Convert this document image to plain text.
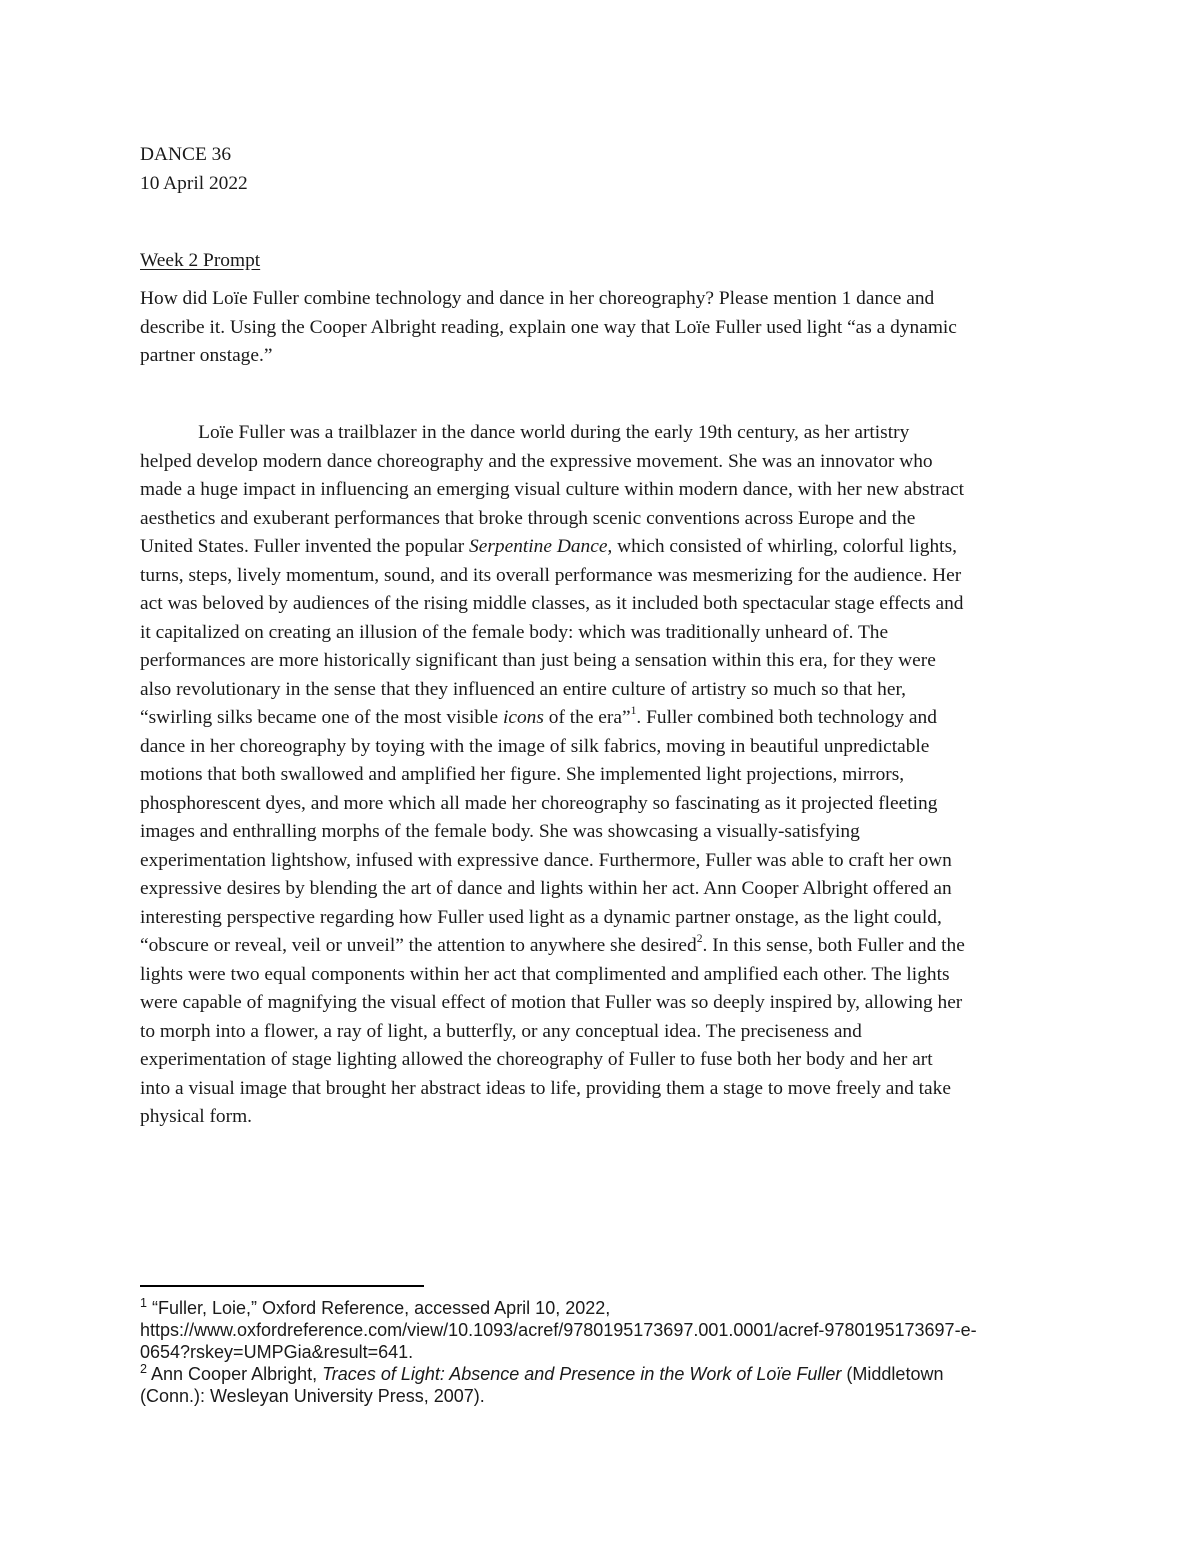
DANCE 36
10 April 2022
Week 2 Prompt
How did Loïe Fuller combine technology and dance in her choreography? Please mention 1 dance and
describe it. Using the Cooper Albright reading, explain one way that Loïe Fuller used light “as a dynamic
partner onstage.”
Loïe Fuller was a trailblazer in the dance world during the early 19th century, as her artistry
helped develop modern dance choreography and the expressive movement. She was an innovator who
made a huge impact in influencing an emerging visual culture within modern dance, with her new abstract
aesthetics and exuberant performances that broke through scenic conventions across Europe and the
United States. Fuller invented the popular Serpentine Dance, which consisted of whirling, colorful lights,
turns, steps, lively momentum, sound, and its overall performance was mesmerizing for the audience. Her
act was beloved by audiences of the rising middle classes, as it included both spectacular stage effects and
it capitalized on creating an illusion of the female body: which was traditionally unheard of. The
performances are more historically significant than just being a sensation within this era, for they were
also revolutionary in the sense that they influenced an entire culture of artistry so much so that her,
“swirling silks became one of the most visible icons of the era”$^1$. Fuller combined both technology and
dance in her choreography by toying with the image of silk fabrics, moving in beautiful unpredictable
motions that both swallowed and amplified her figure. She implemented light projections, mirrors,
phosphorescent dyes, and more which all made her choreography so fascinating as it projected fleeting
images and enthralling morphs of the female body. She was showcasing a visually-satisfying
experimentation lightshow, infused with expressive dance. Furthermore, Fuller was able to craft her own
expressive desires by blending the art of dance and lights within her act. Ann Cooper Albright offered an
interesting perspective regarding how Fuller used light as a dynamic partner onstage, as the light could,
“obscure or reveal, veil or unveil” the attention to anywhere she desired$^2$. In this sense, both Fuller and the
lights were two equal components within her act that complimented and amplified each other. The lights
were capable of magnifying the visual effect of motion that Fuller was so deeply inspired by, allowing her
to morph into a flower, a ray of light, a butterfly, or any conceptual idea. The preciseness and
experimentation of stage lighting allowed the choreography of Fuller to fuse both her body and her art
into a visual image that brought her abstract ideas to life, providing them a stage to move freely and take
physical form.
$^1$ “Fuller, Loie,” Oxford Reference, accessed April 10, 2022,
https://www.oxfordreference.com/view/10.1093/acref/9780195173697.001.0001/acref-9780195173697-e-
0654?rskey=UMPGia&result=641.
$^2$ Ann Cooper Albright, Traces of Light: Absence and Presence in the Work of Loïe Fuller (Middletown
(Conn.): Wesleyan University Press, 2007).
